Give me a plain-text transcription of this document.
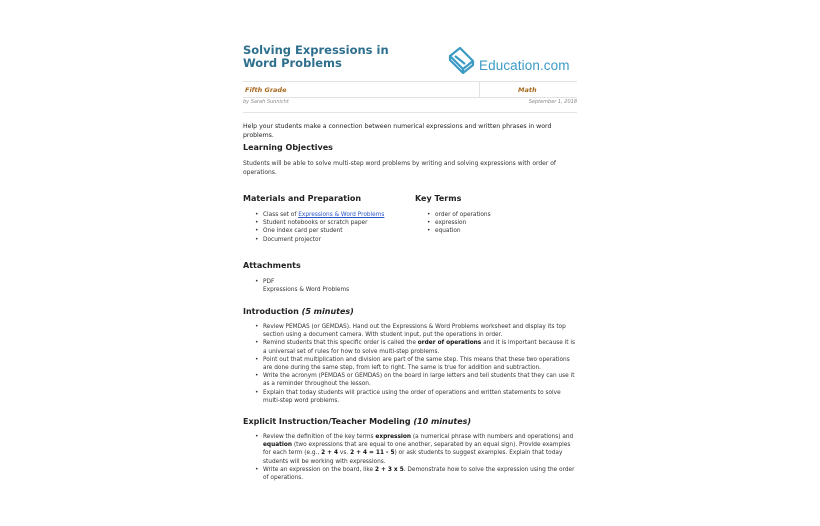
Solving Expressions in Word Problems	Education.com
Fifth Grade	Math
by Sarah Sunnicht	September 1, 2018
Help your students make a connection between numerical expressions and written phrases in word problems.
Learning Objectives
Students will be able to solve multi-step word problems by writing and solving expressions with order of operations.
Materials and Preparation
• Class set of Expressions & Word Problems
• Student notebooks or scratch paper
• One index card per student
• Document projector
Key Terms
• order of operations
• expression
• equation
Attachments
• PDF
Expressions & Word Problems
Introduction (5 minutes)
• Review PEMDAS (or GEMDAS). Hand out the Expressions & Word Problems worksheet and display its top section using a document camera. With student input, put the operations in order.
• Remind students that this specific order is called the order of operations and it is important because it is a universal set of rules for how to solve multi-step problems.
• Point out that multiplication and division are part of the same step. This means that these two operations are done during the same step, from left to right. The same is true for addition and subtraction.
• Write the acronym (PEMDAS or GEMDAS) on the board in large letters and tell students that they can use it as a reminder throughout the lesson.
• Explain that today students will practice using the order of operations and written statements to solve multi-step word problems.
Explicit Instruction/Teacher Modeling (10 minutes)
• Review the definition of the key terms expression (a numerical phrase with numbers and operations) and equation (two expressions that are equal to one another, separated by an equal sign). Provide examples for each term (e.g., 2 + 4 vs. 2 + 4 = 11 - 5) or ask students to suggest examples. Explain that today students will be working with expressions.
• Write an expression on the board, like 2 + 3 x 5. Demonstrate how to solve the expression using the order of operations.
